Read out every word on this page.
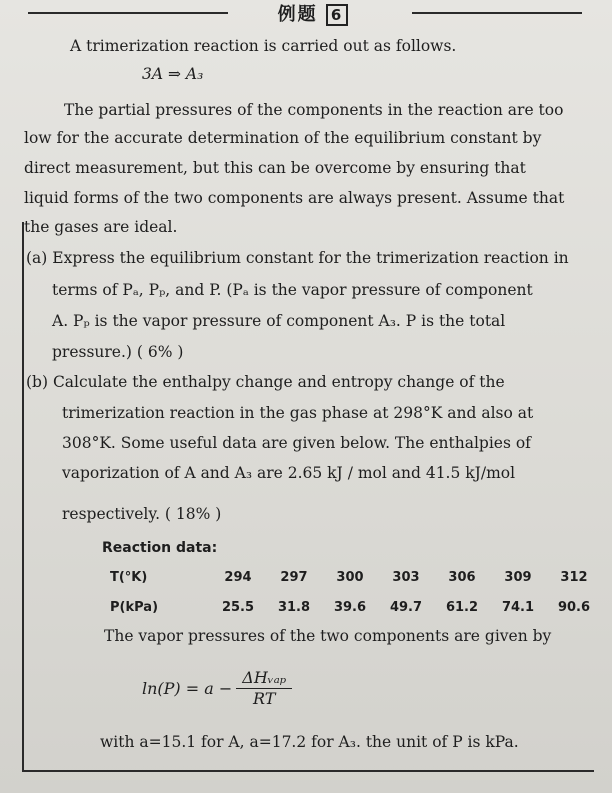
例题 6
A trimerization reaction is carried out as follows.
3A ⇒ A₃
The partial pressures of the components in the reaction are too
low for the accurate determination of the equilibrium constant by
direct measurement, but this can be overcome by ensuring that
liquid forms of the two components are always present. Assume that
the gases are ideal.
(a) Express the equilibrium constant for the trimerization reaction in
terms of Pₐ, Pₚ, and P. (Pₐ is the vapor pressure of component
A. Pₚ is the vapor pressure of component A₃. P is the total
pressure.) ( 6% )
(b) Calculate the enthalpy change and entropy change of the
trimerization reaction in the gas phase at 298°K and also at
308°K. Some useful data are given below. The enthalpies of
vaporization of A and A₃ are 2.65 kJ / mol and 41.5 kJ/mol
respectively. ( 18% )
Reaction data:
T(°K)	294	297	300	303	306	309	312
P(kPa)	25.5	31.8	39.6	49.7	61.2	74.1	90.6
The vapor pressures of the two components are given by
$\ln(P) = a - \frac{\text{ΔHᵥₐₚ}}{RT}$
with a=15.1 for A, a=17.2 for A₃. the unit of P is kPa.
